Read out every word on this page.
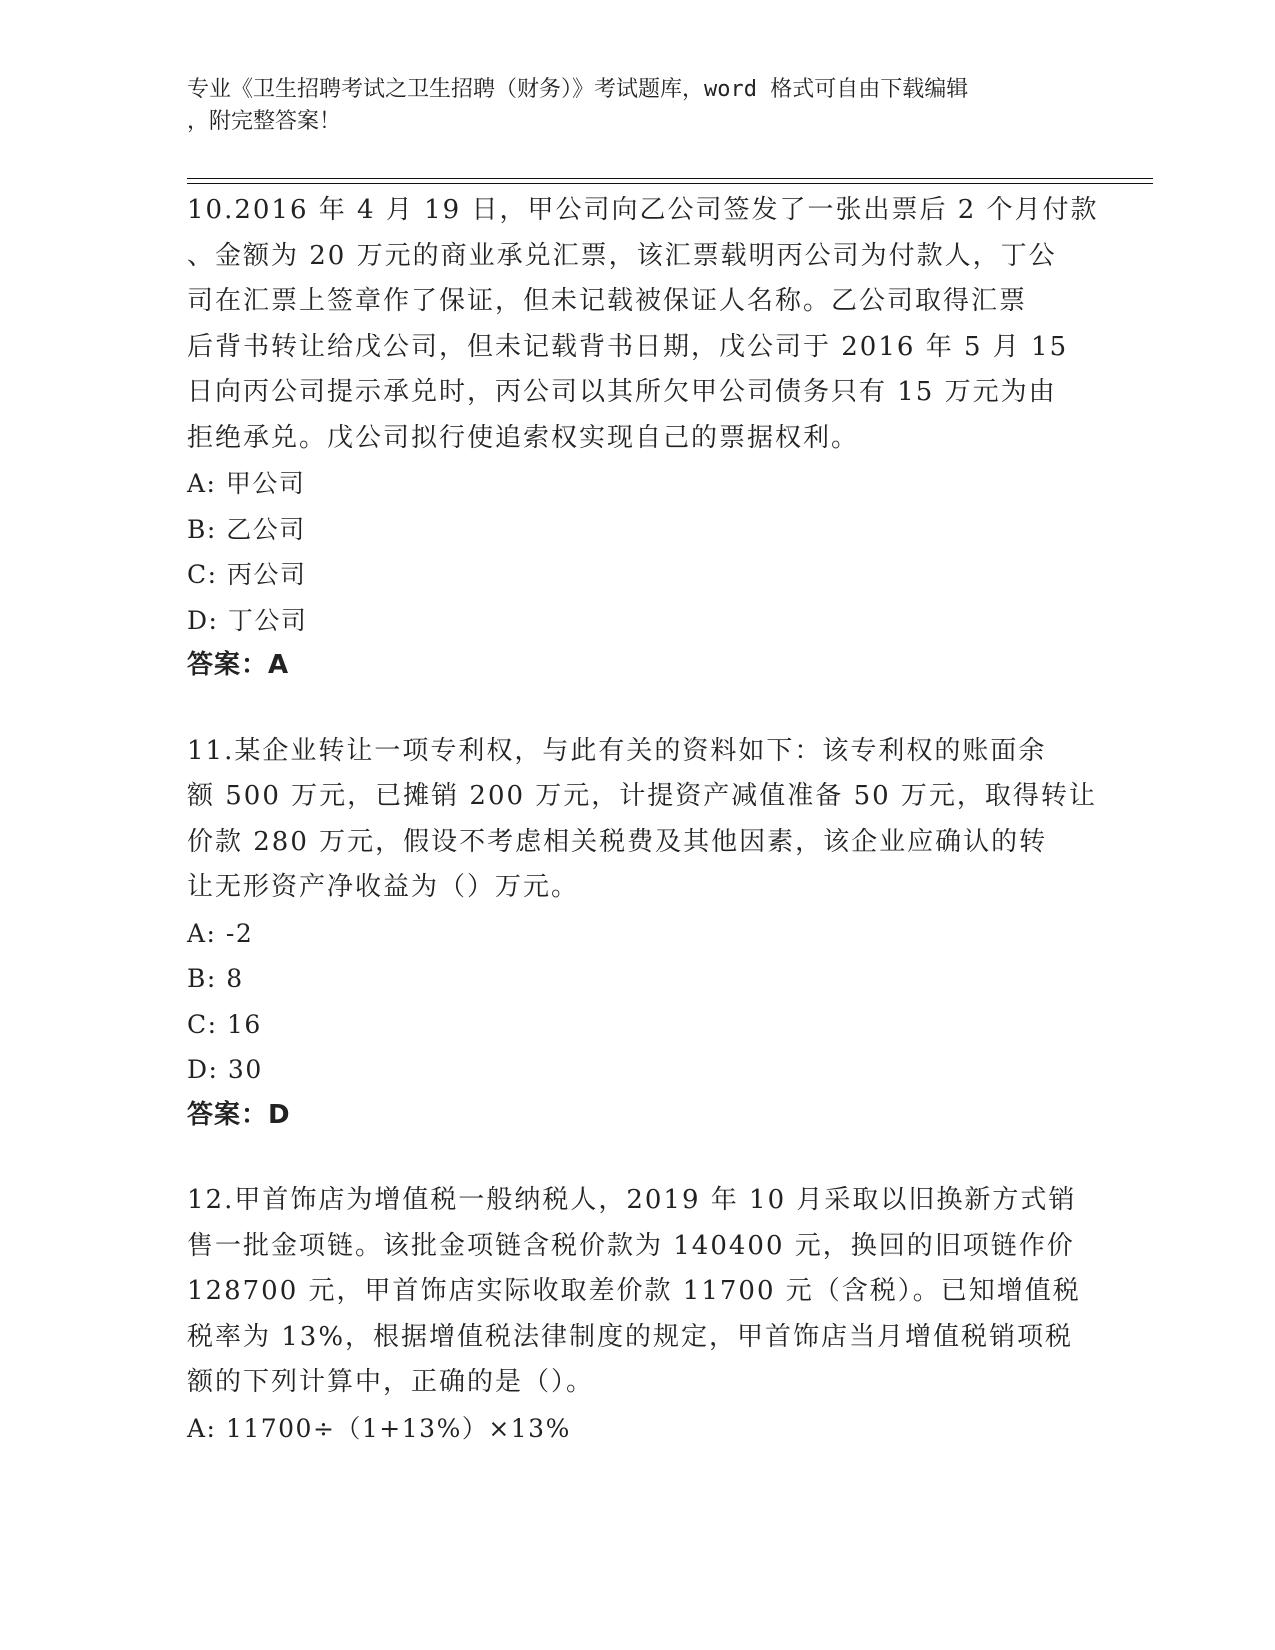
专业《卫生招聘考试之卫生招聘（财务）》考试题库，word 格式可自由下载编辑

，附完整答案！

10.2016 年 4 月 19 日，甲公司向乙公司签发了一张出票后 2 个月付款

、金额为 20 万元的商业承兑汇票，该汇票载明丙公司为付款人，丁公

司在汇票上签章作了保证，但未记载被保证人名称。乙公司取得汇票

后背书转让给戊公司，但未记载背书日期，戊公司于 2016 年 5 月 15

日向丙公司提示承兑时，丙公司以其所欠甲公司债务只有 15 万元为由

拒绝承兑。戊公司拟行使追索权实现自己的票据权利。

A: 甲公司

B: 乙公司

C: 丙公司

D: 丁公司

答案：A

11.某企业转让一项专利权，与此有关的资料如下：该专利权的账面余

额 500 万元，已摊销 200 万元，计提资产减值准备 50 万元，取得转让

价款 280 万元，假设不考虑相关税费及其他因素，该企业应确认的转

让无形资产净收益为（）万元。

A: -2

B: 8

C: 16

D: 30

答案：D

12.甲首饰店为增值税一般纳税人，2019 年 10 月采取以旧换新方式销

售一批金项链。该批金项链含税价款为 140400 元，换回的旧项链作价

128700 元，甲首饰店实际收取差价款 11700 元（含税）。已知增值税

税率为 13%，根据增值税法律制度的规定，甲首饰店当月增值税销项税

额的下列计算中，正确的是（）。

A: 11700÷（1+13%）×13%
